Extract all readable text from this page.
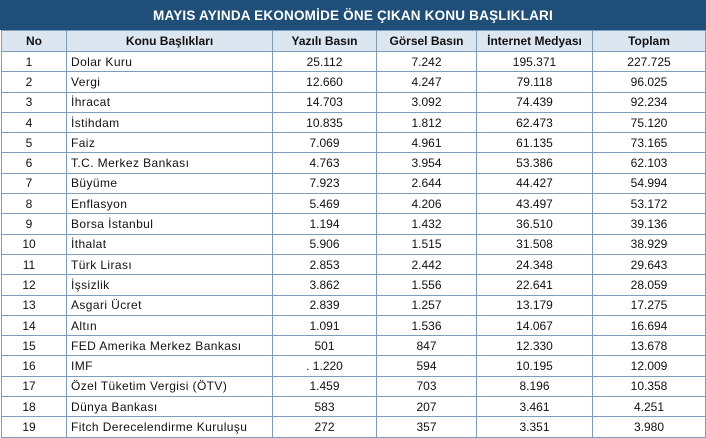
MAYIS AYINDA EKONOMİDE ÖNE ÇIKAN KONU BAŞLIKLARI
No	Konu Başlıkları	Yazılı Basın	Görsel Basın	İnternet Medyası	Toplam
1	Dolar Kuru	25.112	7.242	195.371	227.725
2	Vergi	12.660	4.247	79.118	96.025
3	İhracat	14.703	3.092	74.439	92.234
4	İstihdam	10.835	1.812	62.473	75.120
5	Faiz	7.069	4.961	61.135	73.165
6	T.C. Merkez Bankası	4.763	3.954	53.386	62.103
7	Büyüme	7.923	2.644	44.427	54.994
8	Enflasyon	5.469	4.206	43.497	53.172
9	Borsa İstanbul	1.194	1.432	36.510	39.136
10	İthalat	5.906	1.515	31.508	38.929
11	Türk Lirası	2.853	2.442	24.348	29.643
12	İşsizlik	3.862	1.556	22.641	28.059
13	Asgari Ücret	2.839	1.257	13.179	17.275
14	Altın	1.091	1.536	14.067	16.694
15	FED Amerika Merkez Bankası	501	847	12.330	13.678
16	IMF	. 1.220	594	10.195	12.009
17	Özel Tüketim Vergisi (ÖTV)	1.459	703	8.196	10.358
18	Dünya Bankası	583	207	3.461	4.251
19	Fitch Derecelendirme Kuruluşu	272	357	3.351	3.980
